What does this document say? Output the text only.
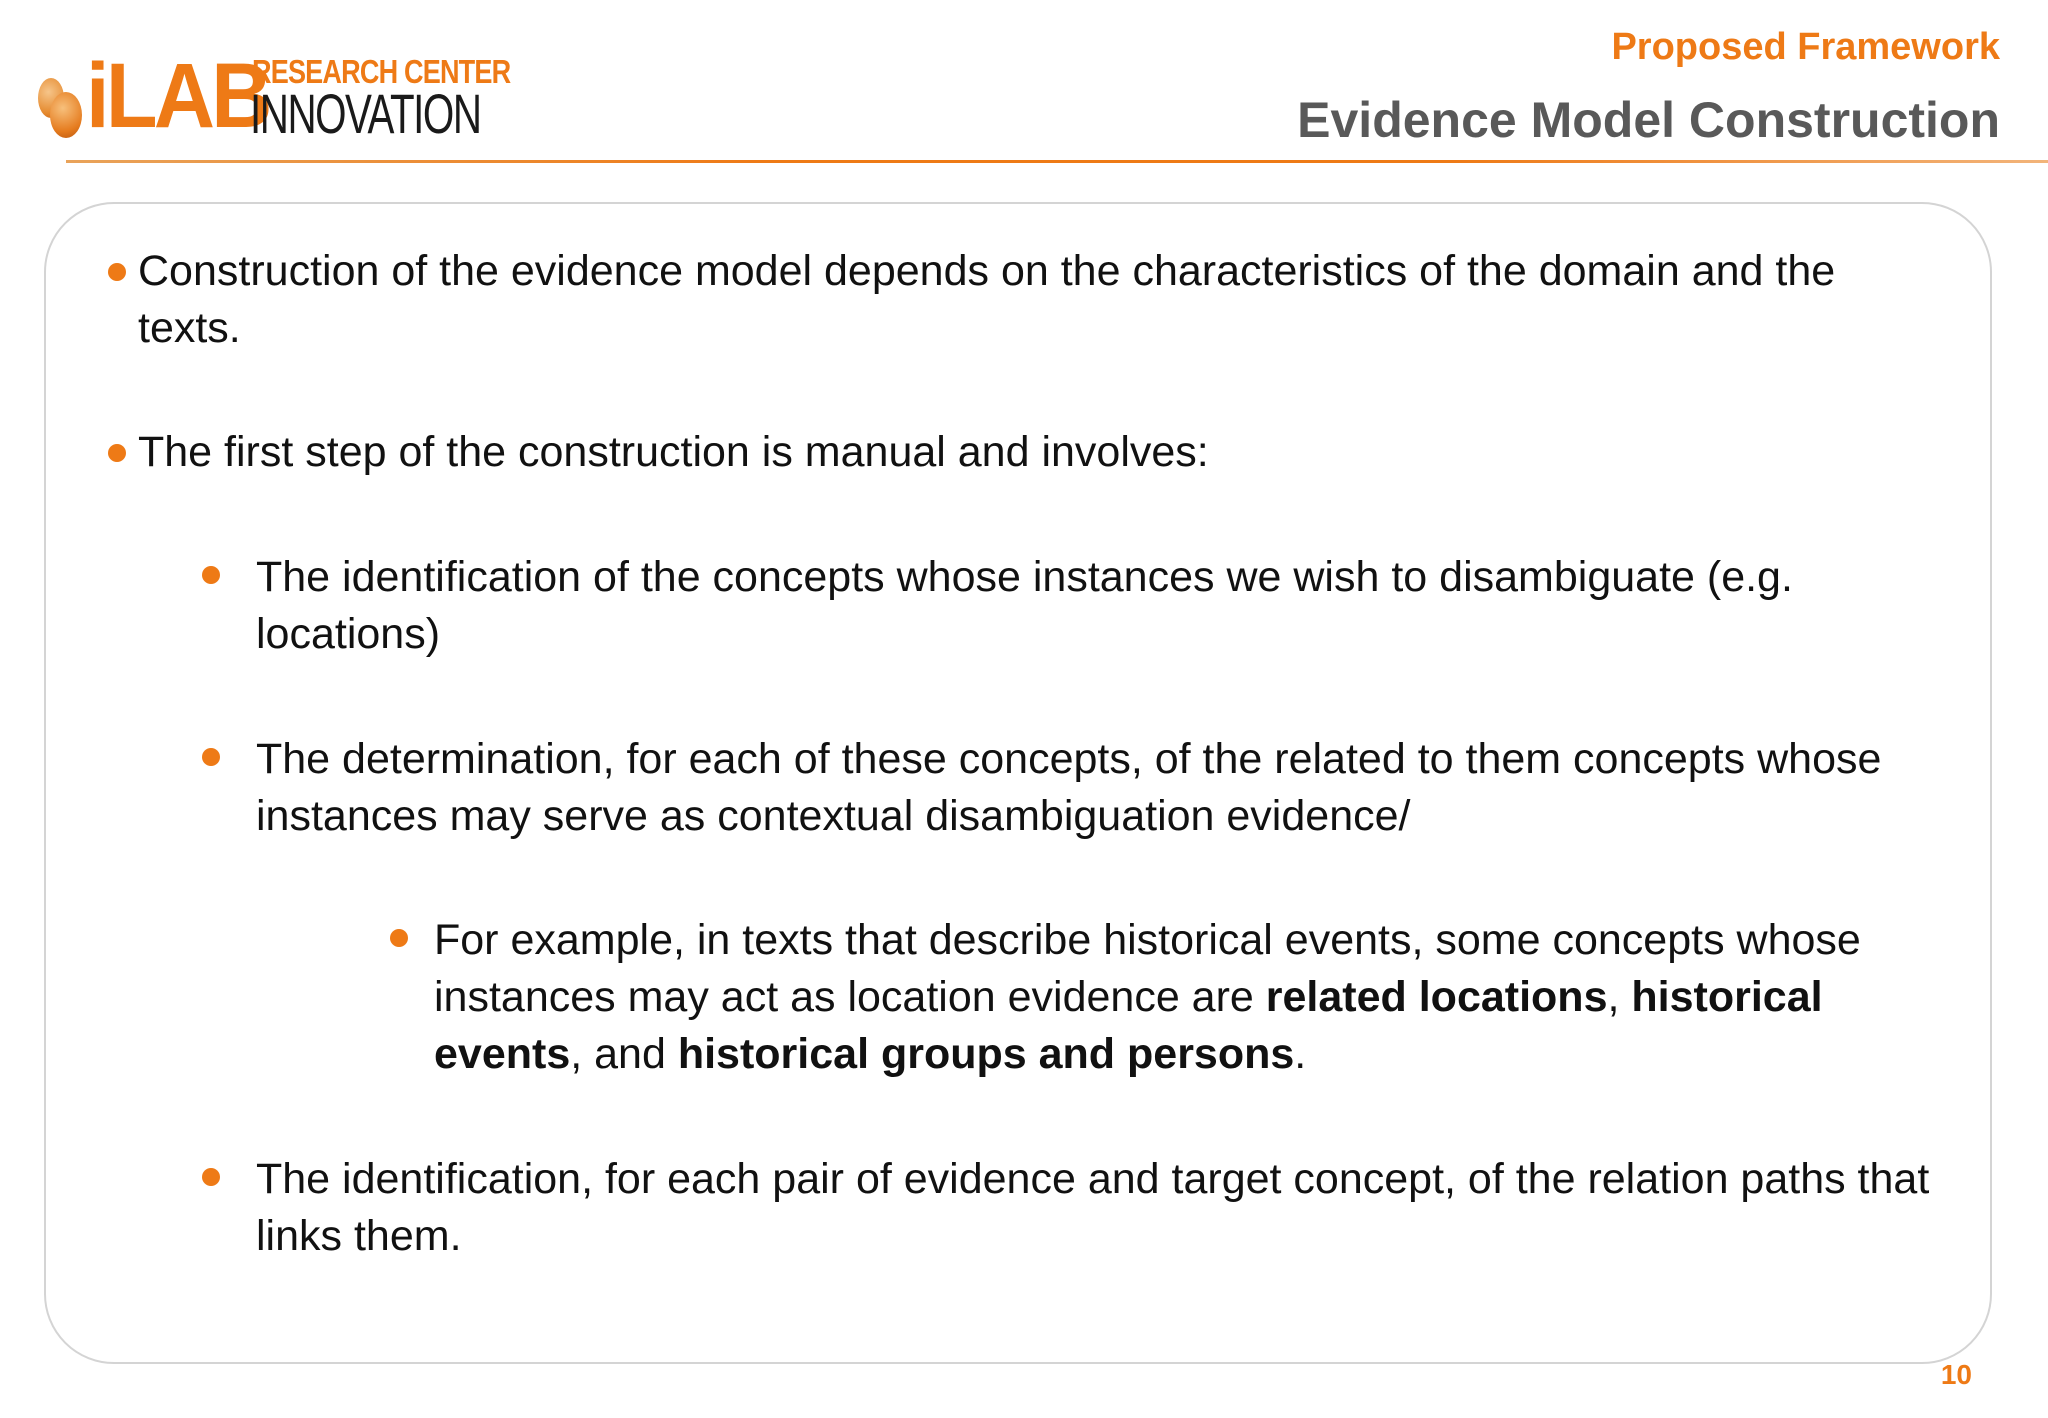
iLAB
RESEARCH CENTER
INNOVATION
Proposed Framework
Evidence Model Construction
Construction of the evidence model depends on the characteristics of the domain and the texts.
The first step of the construction is manual and involves:
The identification of the concepts whose instances we wish to disambiguate (e.g. locations)
The determination, for each of these concepts, of the related to them concepts whose instances may serve as contextual disambiguation evidence/
For example, in texts that describe historical events, some concepts whose instances may act as location evidence are related locations, historical events, and historical groups and persons.
The identification, for each pair of evidence and target concept, of the relation paths that links them.
10
